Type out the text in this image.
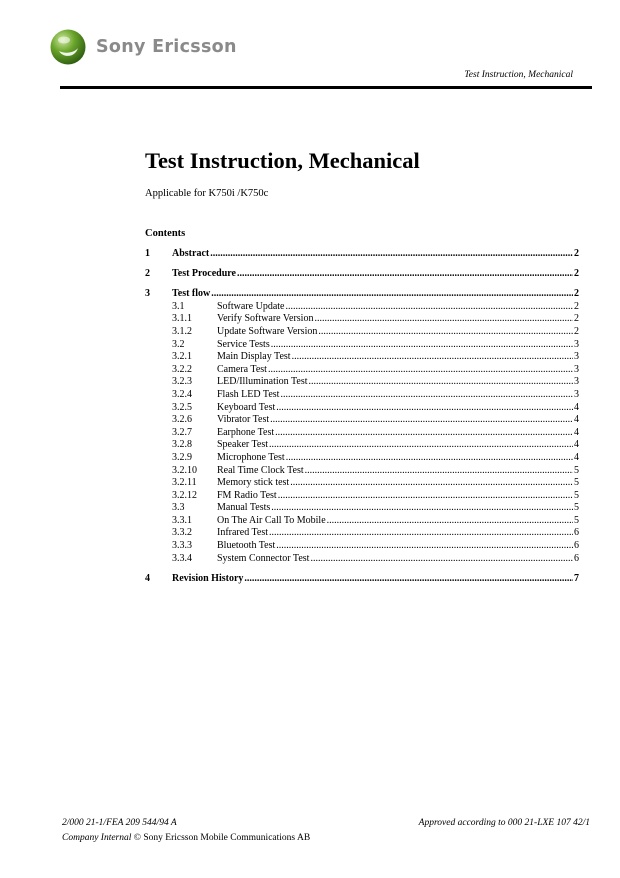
Sony Ericsson
Test Instruction, Mechanical
Test Instruction, Mechanical
Applicable for K750i /K750c
Contents
1	Abstract .....	2
2	Test Procedure .....	2
3	Test flow .....	2
3.1	Software Update .....	2
3.1.1	Verify Software Version .....	2
3.1.2	Update Software Version .....	2
3.2	Service Tests .....	3
3.2.1	Main Display Test .....	3
3.2.2	Camera Test .....	3
3.2.3	LED/Illumination Test .....	3
3.2.4	Flash LED Test .....	3
3.2.5	Keyboard Test .....	4
3.2.6	Vibrator Test .....	4
3.2.7	Earphone Test .....	4
3.2.8	Speaker Test .....	4
3.2.9	Microphone Test .....	4
3.2.10	Real Time Clock Test .....	5
3.2.11	Memory stick test .....	5
3.2.12	FM Radio Test .....	5
3.3	Manual Tests .....	5
3.3.1	On The Air Call To Mobile .....	5
3.3.2	Infrared Test .....	6
3.3.3	Bluetooth Test .....	6
3.3.4	System Connector Test .....	6
4	Revision History .....	7
2/000 21-1/FEA 209 544/94 A	Approved according to 000 21-LXE 107 42/1
Company Internal © Sony Ericsson Mobile Communications AB
